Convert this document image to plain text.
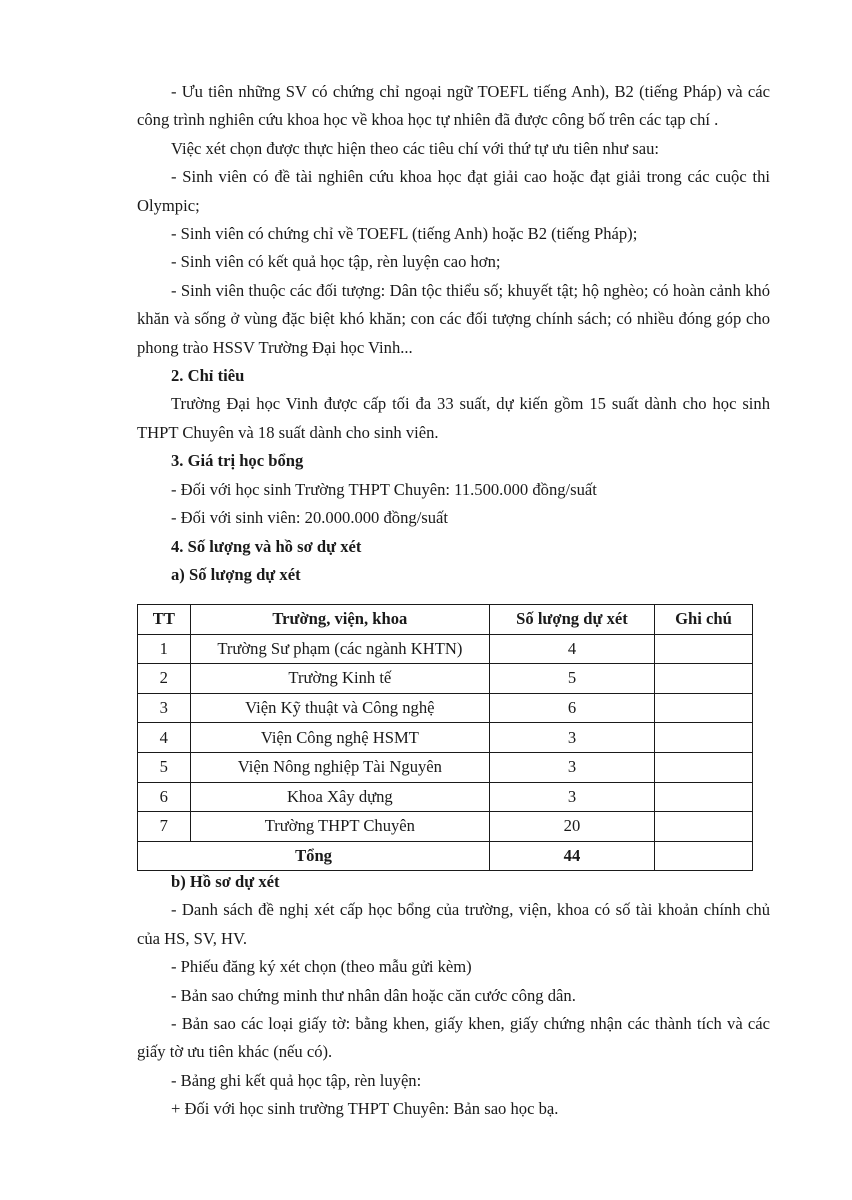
- Ưu tiên những SV có chứng chỉ ngoại ngữ TOEFL tiếng Anh), B2 (tiếng Pháp) và các công trình nghiên cứu khoa học về khoa học tự nhiên đã được công bố trên các tạp chí .

Việc xét chọn được thực hiện theo các tiêu chí với thứ tự ưu tiên như sau:

- Sinh viên có đề tài nghiên cứu khoa học đạt giải cao hoặc đạt giải trong các cuộc thi Olympic;

- Sinh viên có chứng chỉ về TOEFL (tiếng Anh) hoặc B2 (tiếng Pháp);

- Sinh viên có kết quả học tập, rèn luyện cao hơn;

- Sinh viên thuộc các đối tượng: Dân tộc thiểu số; khuyết tật; hộ nghèo; có hoàn cảnh khó khăn và sống ở vùng đặc biệt khó khăn; con các đối tượng chính sách; có nhiều đóng góp cho phong trào HSSV Trường Đại học Vinh...

2. Chỉ tiêu

Trường Đại học Vinh được cấp tối đa 33 suất, dự kiến gồm 15 suất dành cho học sinh THPT Chuyên và 18 suất dành cho sinh viên.

3. Giá trị học bổng

- Đối với học sinh Trường THPT Chuyên: 11.500.000 đồng/suất

- Đối với sinh viên: 20.000.000 đồng/suất

4. Số lượng và hồ sơ dự xét

a) Số lượng dự xét

TT	Trường, viện, khoa	Số lượng dự xét	Ghi chú
1	Trường Sư phạm (các ngành KHTN)	4	
2	Trường Kinh tế	5	
3	Viện Kỹ thuật và Công nghệ	6	
4	Viện Công nghệ HSMT	3	
5	Viện Nông nghiệp Tài Nguyên	3	
6	Khoa Xây dựng	3	
7	Trường THPT Chuyên	20	
Tổng		44	

b) Hồ sơ dự xét

- Danh sách đề nghị xét cấp học bổng của trường, viện, khoa có số tài khoản chính chủ của HS, SV, HV.

- Phiếu đăng ký xét chọn (theo mẫu gửi kèm)

- Bản sao chứng minh thư nhân dân hoặc căn cước công dân.

- Bản sao các loại giấy tờ: bằng khen, giấy khen, giấy chứng nhận các thành tích và các giấy tờ ưu tiên khác (nếu có).

- Bảng ghi kết quả học tập, rèn luyện:

+ Đối với học sinh trường THPT Chuyên: Bản sao học bạ.
